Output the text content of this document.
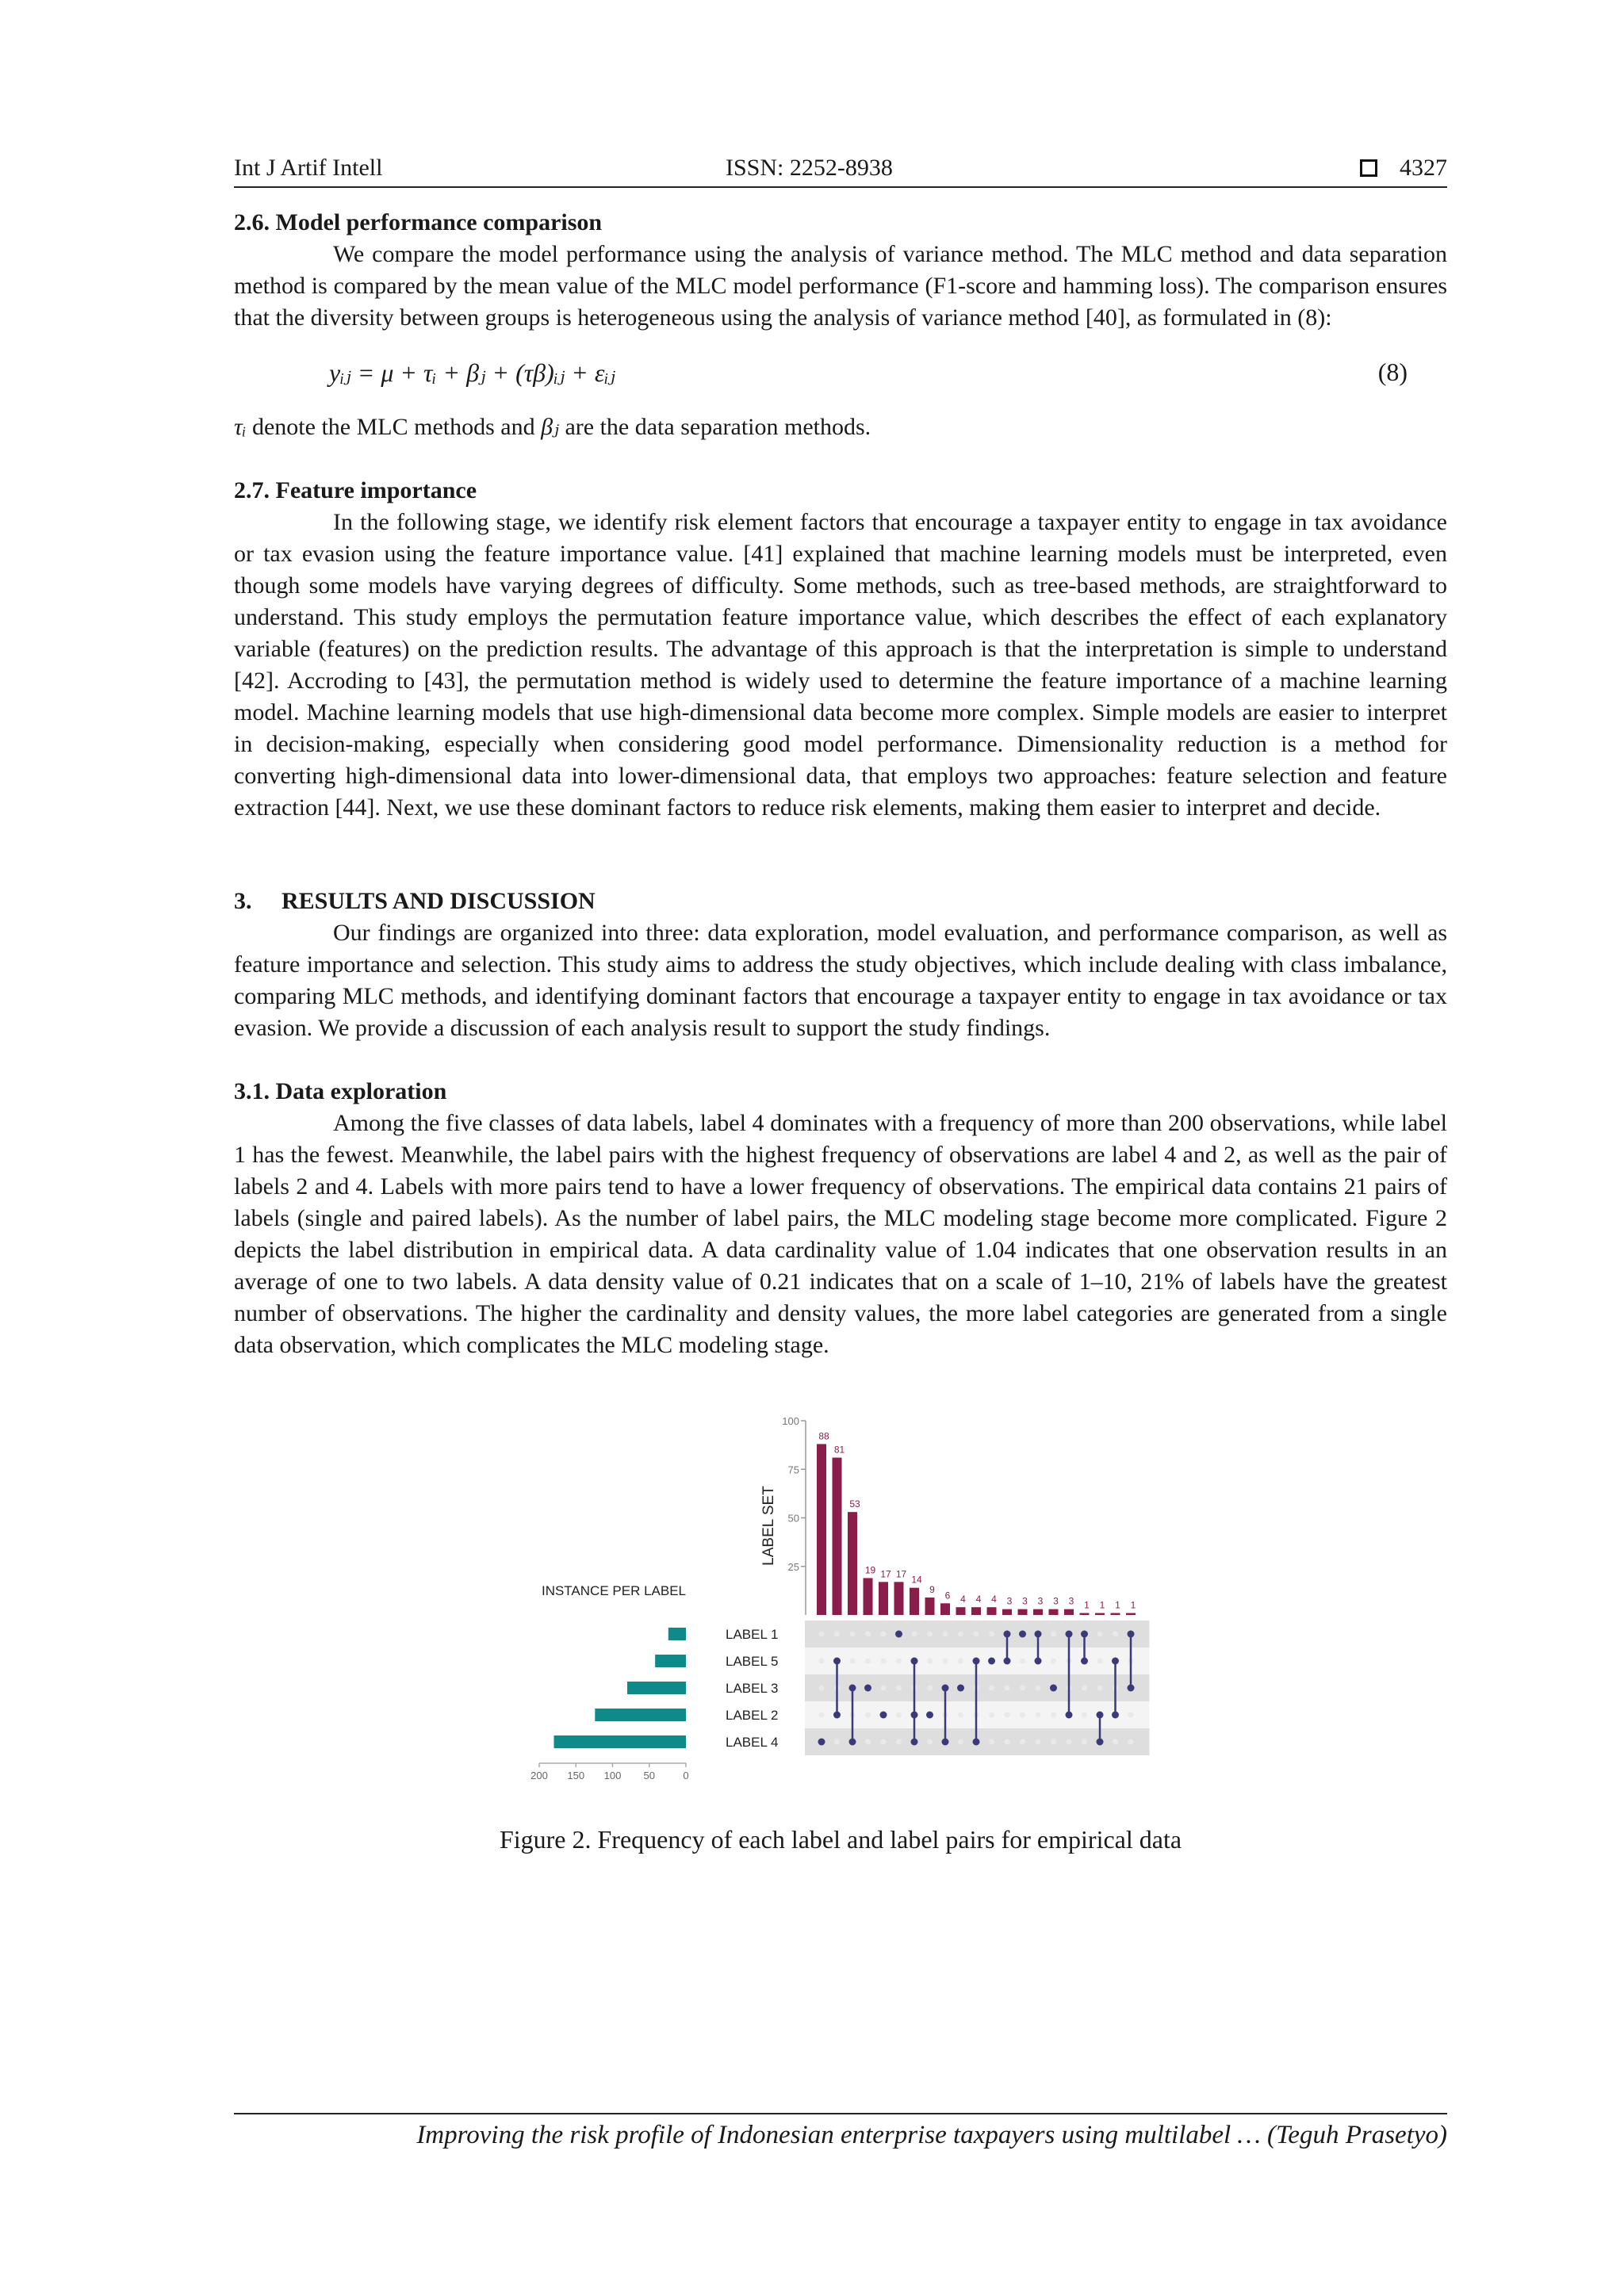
Int J Artif Intell	ISSN: 2252-8938	4327
2.6. Model performance comparison

We compare the model performance using the analysis of variance method. The MLC method and data separation method is compared by the mean value of the MLC model performance (F1-score and hamming loss). The comparison ensures that the diversity between groups is heterogeneous using the analysis of variance method [40], as formulated in (8):

yᵢⱼ = μ + τᵢ + βⱼ + (τβ)ᵢⱼ + εᵢⱼ	(8)

τᵢ denote the MLC methods and βⱼ are the data separation methods.

2.7. Feature importance

In the following stage, we identify risk element factors that encourage a taxpayer entity to engage in tax avoidance or tax evasion using the feature importance value. [41] explained that machine learning models must be interpreted, even though some models have varying degrees of difficulty. Some methods, such as tree-based methods, are straightforward to understand. This study employs the permutation feature importance value, which describes the effect of each explanatory variable (features) on the prediction results. The advantage of this approach is that the interpretation is simple to understand [42]. Accroding to [43], the permutation method is widely used to determine the feature importance of a machine learning model. Machine learning models that use high-dimensional data become more complex. Simple models are easier to interpret in decision-making, especially when considering good model performance. Dimensionality reduction is a method for converting high-dimensional data into lower-dimensional data, that employs two approaches: feature selection and feature extraction [44]. Next, we use these dominant factors to reduce risk elements, making them easier to interpret and decide.

3.     RESULTS AND DISCUSSION

Our findings are organized into three: data exploration, model evaluation, and performance comparison, as well as feature importance and selection. This study aims to address the study objectives, which include dealing with class imbalance, comparing MLC methods, and identifying dominant factors that encourage a taxpayer entity to engage in tax avoidance or tax evasion. We provide a discussion of each analysis result to support the study findings.

3.1. Data exploration

Among the five classes of data labels, label 4 dominates with a frequency of more than 200 observations, while label 1 has the fewest. Meanwhile, the label pairs with the highest frequency of observations are label 4 and 2, as well as the pair of labels 2 and 4. Labels with more pairs tend to have a lower frequency of observations. The empirical data contains 21 pairs of labels (single and paired labels). As the number of label pairs, the MLC modeling stage become more complicated. Figure 2 depicts the label distribution in empirical data. A data cardinality value of 1.04 indicates that one observation results in an average of one to two labels. A data density value of 0.21 indicates that on a scale of 1–10, 21% of labels have the greatest number of observations. The higher the cardinality and density values, the more label categories are generated from a single data observation, which complicates the MLC modeling stage.

100
75
50
25
LABEL SET
88
81
53
19 17 17
14
9
6 4 4 4 3 3 3 3 3 1 1 1 1
LABEL 1
LABEL 5
LABEL 3
LABEL 2
LABEL 4
INSTANCE PER LABEL
200 150 100 50	0
Figure 2. Frequency of each label and label pairs for empirical data
Improving the risk profile of Indonesian enterprise taxpayers using multilabel … (Teguh Prasetyo)
